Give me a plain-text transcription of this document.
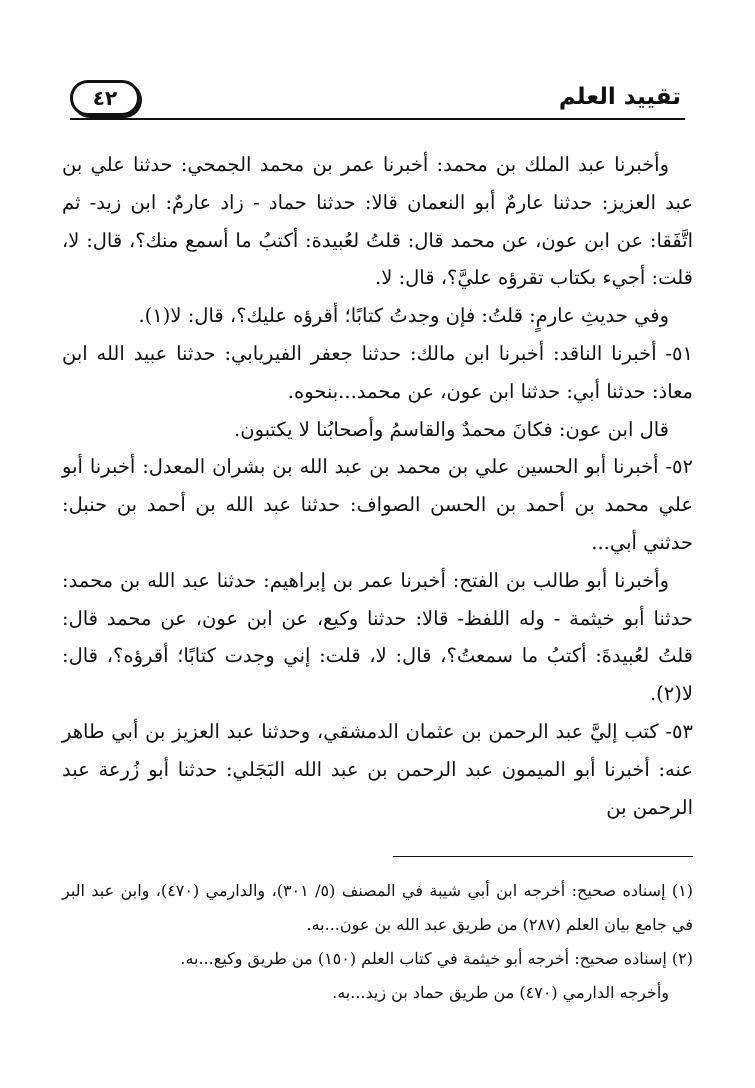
٤٢	تقييد العلم

وأخبرنا عبد الملك بن محمد: أخبرنا عمر بن محمد الجمحي: حدثنا علي بن عبد العزيز: حدثنا عارمٌ أبو النعمان قالا: حدثنا حماد - زاد عارمٌ: ابن زيد- ثم اتَّفَقا: عن ابن عون، عن محمد قال: قلتُ لعُبيدة: أكتبُ ما أسمع منك؟، قال: لا، قلت: أجيء بكتاب تقرؤه عليَّ؟، قال: لا.

وفي حديثِ عارمٍ: قلتُ: فإن وجدتُ كتابًا؛ أقرؤه عليك؟، قال: لا(١).

٥١- أخبرنا الناقد: أخبرنا ابن مالك: حدثنا جعفر الفيريابي: حدثنا عبيد الله ابن معاذ: حدثنا أبي: حدثنا ابن عون، عن محمد...بنحوه.

قال ابن عون: فكانَ محمدٌ والقاسمُ وأصحابُنا لا يكتبون.

٥٢- أخبرنا أبو الحسين علي بن محمد بن عبد الله بن بشران المعدل: أخبرنا أبو علي محمد بن أحمد بن الحسن الصواف: حدثنا عبد الله بن أحمد بن حنبل: حدثني أبي...

وأخبرنا أبو طالب بن الفتح: أخبرنا عمر بن إبراهيم: حدثنا عبد الله بن محمد: حدثنا أبو خيثمة - وله اللفظ- قالا: حدثنا وكيع، عن ابن عون، عن محمد قال: قلتُ لعُبيدةَ: أكتبُ ما سمعتُ؟، قال: لا، قلت: إني وجدت كتابًا؛ أقرؤه؟، قال: لا(٢).

٥٣- كتب إليَّ عبد الرحمن بن عثمان الدمشقي، وحدثنا عبد العزيز بن أبي طاهر عنه: أخبرنا أبو الميمون عبد الرحمن بن عبد الله البَجَلي: حدثنا أبو زُرعة عبد الرحمن بن

(١) إسناده صحيح: أخرجه ابن أبي شيبة في المصنف (٥/ ٣٠١)، والدارمي (٤٧٠)، وابن عبد البر في جامع بيان العلم (٢٨٧) من طريق عبد الله بن عون...به.

(٢) إسناده صحيح: أخرجه أبو خيثمة في كتاب العلم (١٥٠) من طريق وكيع...به.

وأخرجه الدارمي (٤٧٠) من طريق حماد بن زيد...به.
